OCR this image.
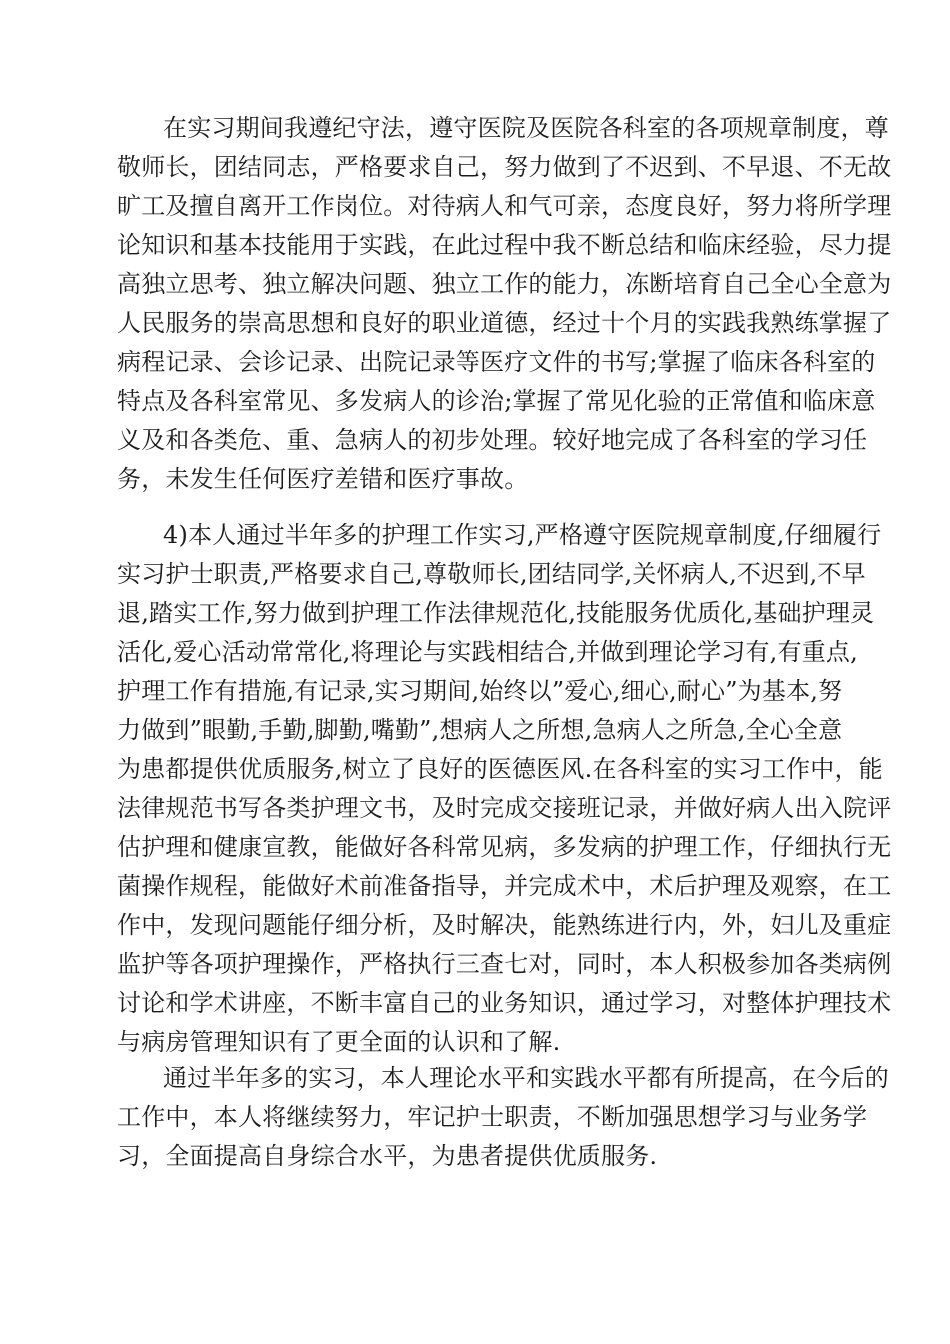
在实习期间我遵纪守法，遵守医院及医院各科室的各项规章制度，尊

敬师长，团结同志，严格要求自己，努力做到了不迟到、不早退、不无故

旷工及擅自离开工作岗位。对待病人和气可亲，态度良好，努力将所学理

论知识和基本技能用于实践，在此过程中我不断总结和临床经验，尽力提

高独立思考、独立解决问题、独立工作的能力，冻断培育自己全心全意为

人民服务的崇高思想和良好的职业道德，经过十个月的实践我熟练掌握了

病程记录、会诊记录、出院记录等医疗文件的书写;掌握了临床各科室的

特点及各科室常见、多发病人的诊治;掌握了常见化验的正常值和临床意

义及和各类危、重、急病人的初步处理。较好地完成了各科室的学习任

务，未发生任何医疗差错和医疗事故。

4)本人通过半年多的护理工作实习,严格遵守医院规章制度,仔细履行

实习护士职责,严格要求自己,尊敬师长,团结同学,关怀病人,不迟到,不早

退,踏实工作,努力做到护理工作法律规范化,技能服务优质化,基础护理灵

活化,爱心活动常常化,将理论与实践相结合,并做到理论学习有,有重点,

护理工作有措施,有记录,实习期间,始终以”爱心,细心,耐心”为基本,努

力做到”眼勤,手勤,脚勤,嘴勤”,想病人之所想,急病人之所急,全心全意

为患都提供优质服务,树立了良好的医德医风.在各科室的实习工作中，能

法律规范书写各类护理文书，及时完成交接班记录，并做好病人出入院评

估护理和健康宣教，能做好各科常见病，多发病的护理工作，仔细执行无

菌操作规程，能做好术前准备指导，并完成术中，术后护理及观察，在工

作中，发现问题能仔细分析，及时解决，能熟练进行内，外，妇儿及重症

监护等各项护理操作，严格执行三查七对，同时，本人积极参加各类病例

讨论和学术讲座，不断丰富自己的业务知识，通过学习，对整体护理技术

与病房管理知识有了更全面的认识和了解.

通过半年多的实习，本人理论水平和实践水平都有所提高，在今后的

工作中，本人将继续努力，牢记护士职责，不断加强思想学习与业务学

习，全面提高自身综合水平，为患者提供优质服务.
